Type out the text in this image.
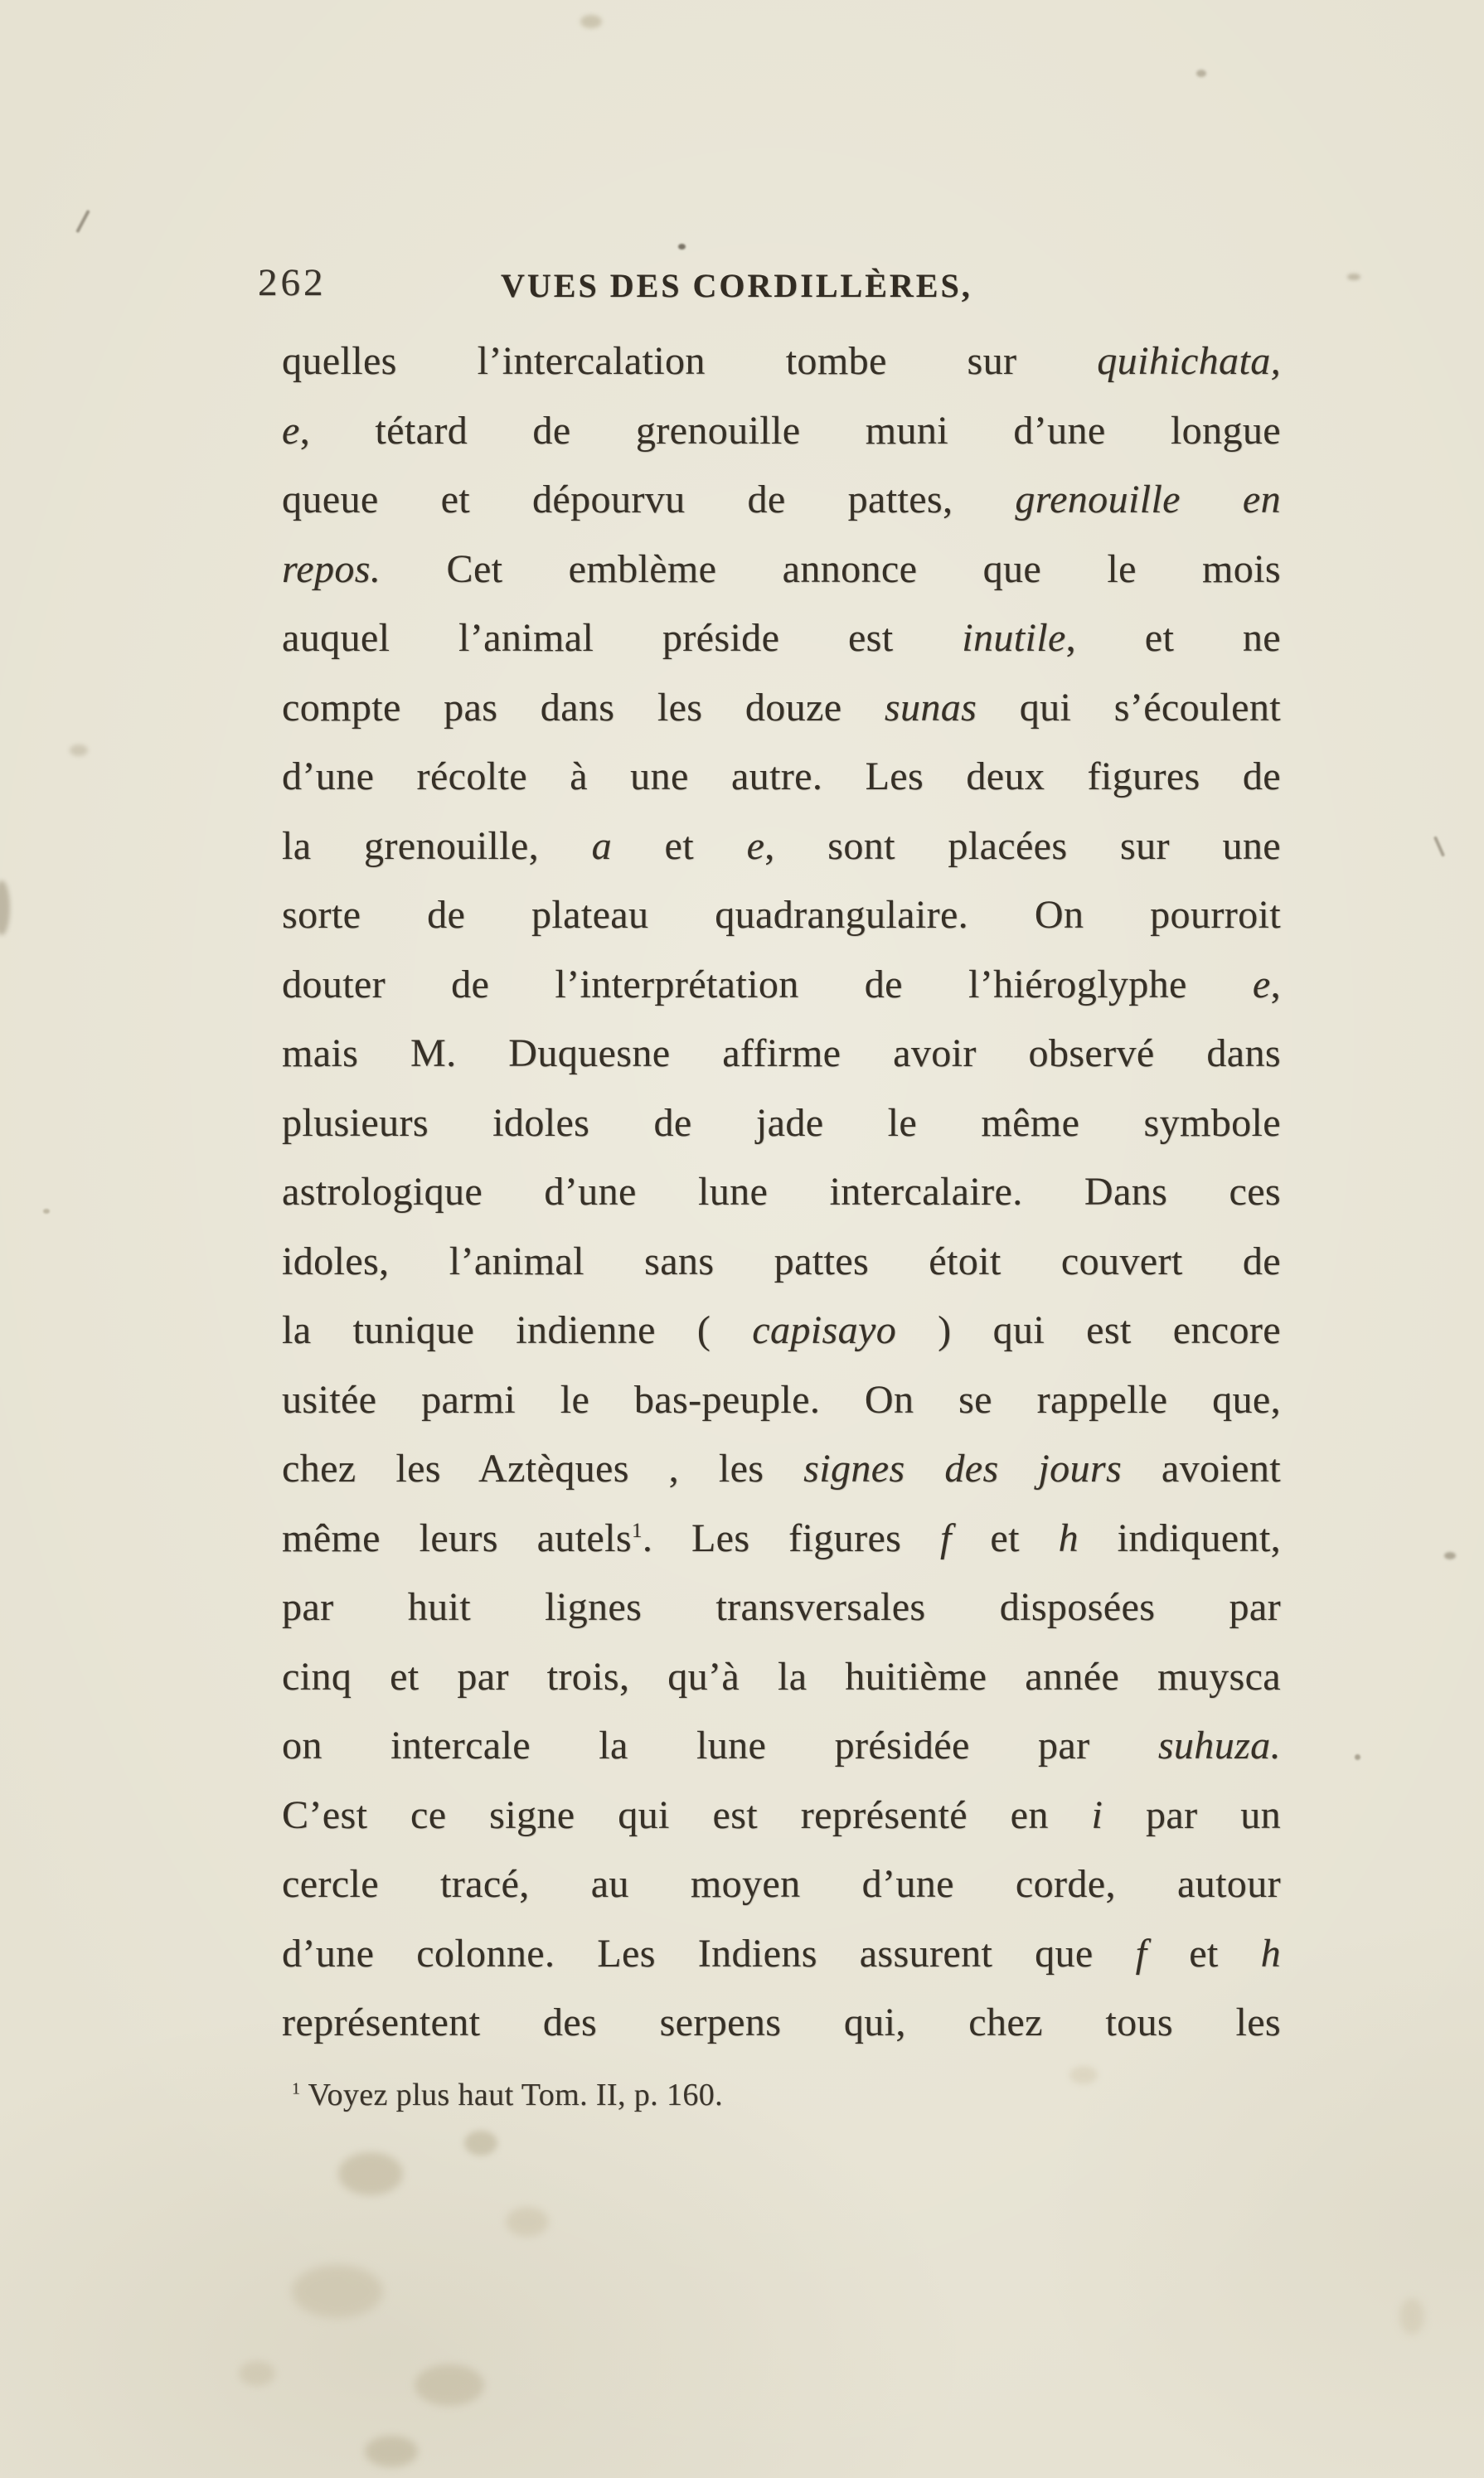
262	VUES DES CORDILLÈRES,
quelles l’intercalation tombe sur quihichata,
e, tétard de grenouille muni d’une longue
queue et dépourvu de pattes, grenouille en
repos. Cet emblème annonce que le mois
auquel l’animal préside est inutile, et ne
compte pas dans les douze sunas qui s’écoulent
d’une récolte à une autre. Les deux figures de
la grenouille, a et e, sont placées sur une
sorte de plateau quadrangulaire. On pourroit
douter de l’interprétation de l’hiéroglyphe e,
mais M. Duquesne affirme avoir observé dans
plusieurs idoles de jade le même symbole
astrologique d’une lune intercalaire. Dans ces
idoles, l’animal sans pattes étoit couvert de
la tunique indienne ( capisayo ) qui est encore
usitée parmi le bas-peuple. On se rappelle que,
chez les Aztèques , les signes des jours avoient
même leurs autels$^1$. Les figures f et h indiquent,
par huit lignes transversales disposées par
cinq et par trois, qu’à la huitième année muysca
on intercale la lune présidée par suhuza.
C’est ce signe qui est représenté en i par un
cercle tracé, au moyen d’une corde, autour
d’une colonne. Les Indiens assurent que f et h
représentent des serpens qui, chez tous les
$^1$ Voyez plus haut Tom. II, p. 160.
